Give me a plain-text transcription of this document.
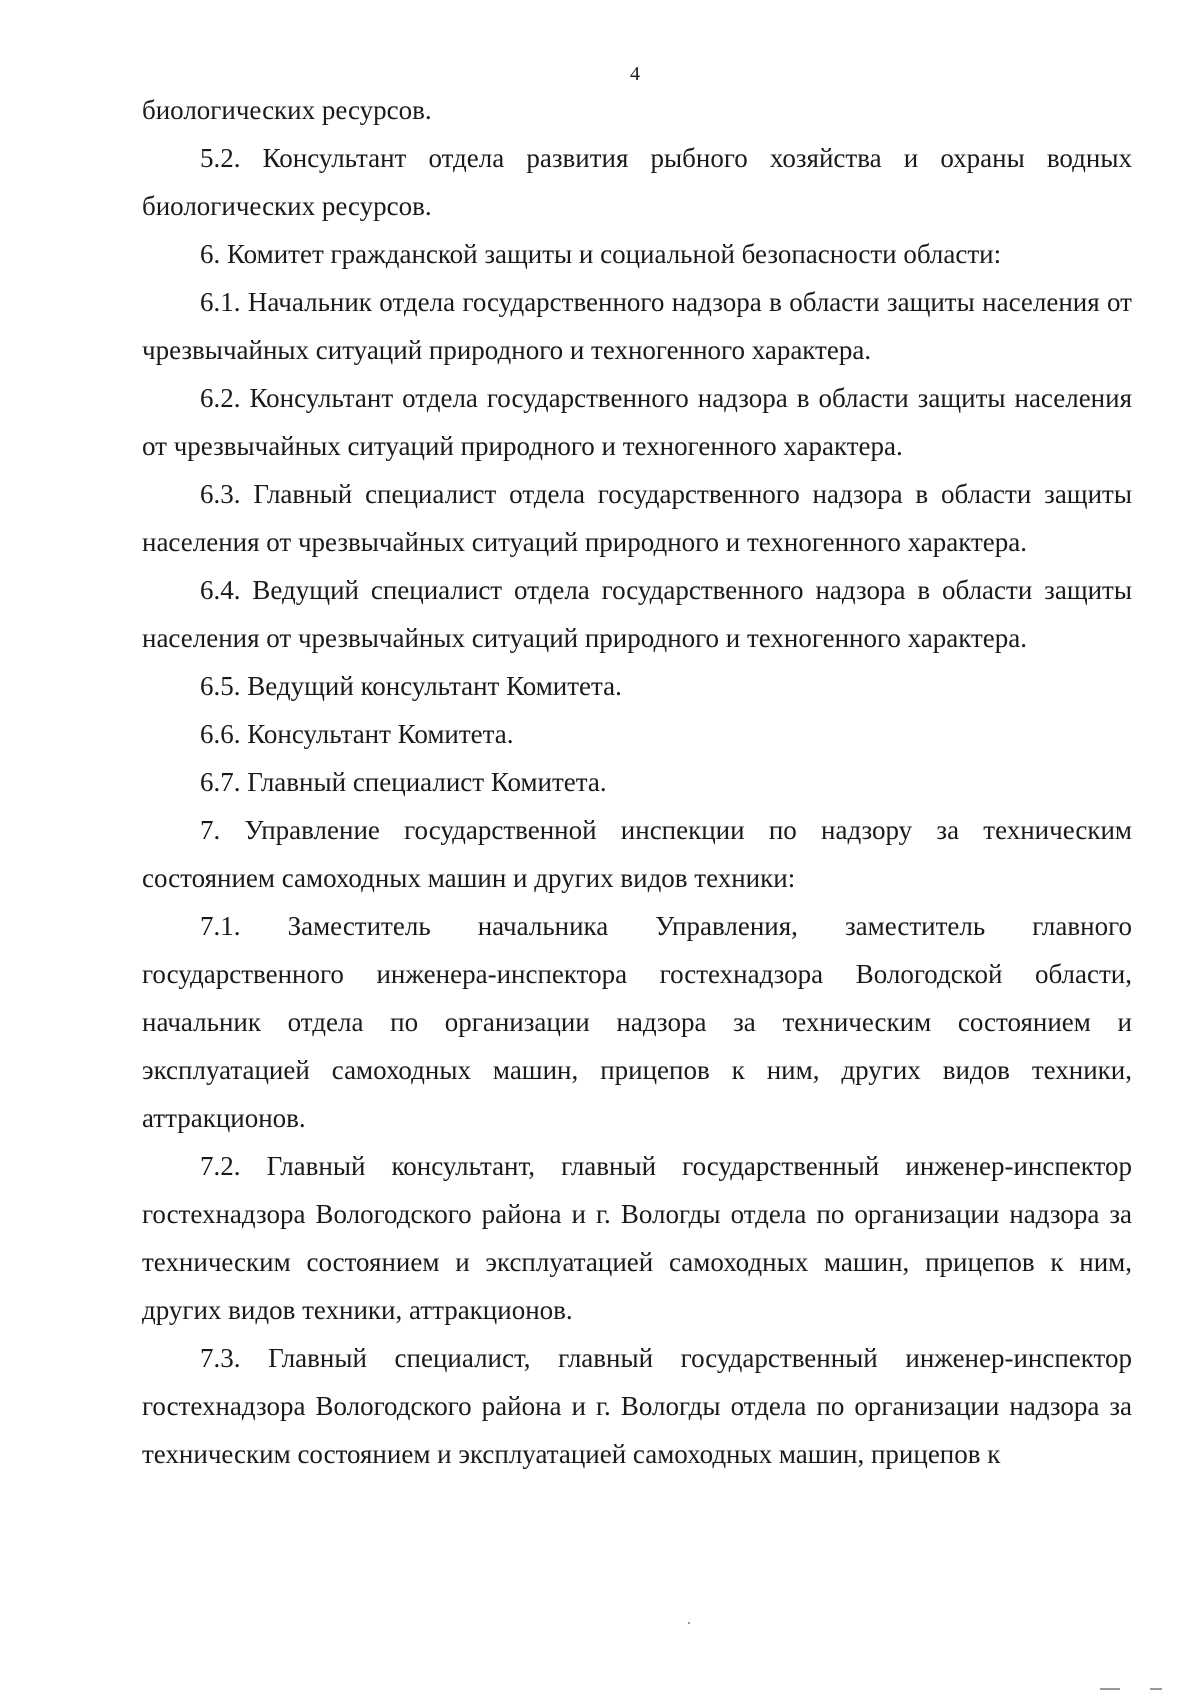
4

биологических ресурсов.

5.2. Консультант отдела развития рыбного хозяйства и охраны водных биологических ресурсов.

6. Комитет гражданской защиты и социальной безопасности области:

6.1. Начальник отдела государственного надзора в области защиты населения от чрезвычайных ситуаций природного и техногенного характера.

6.2. Консультант отдела государственного надзора в области защиты населения от чрезвычайных ситуаций природного и техногенного характера.

6.3. Главный специалист отдела государственного надзора в области защиты населения от чрезвычайных ситуаций природного и техногенного характера.

6.4. Ведущий специалист отдела государственного надзора в области защиты населения от чрезвычайных ситуаций природного и техногенного характера.

6.5. Ведущий консультант Комитета.

6.6. Консультант Комитета.

6.7. Главный специалист Комитета.

7. Управление государственной инспекции по надзору за техническим состоянием самоходных машин и других видов техники:

7.1. Заместитель начальника Управления, заместитель главного государственного инженера-инспектора гостехнадзора Вологодской области, начальник отдела по организации надзора за техническим состоянием и эксплуатацией самоходных машин, прицепов к ним, других видов техники, аттракционов.

7.2. Главный консультант, главный государственный инженер-инспектор гостехнадзора Вологодского района и г. Вологды отдела по организации надзора за техническим состоянием и эксплуатацией самоходных машин, прицепов к ним, других видов техники, аттракционов.

7.3. Главный специалист, главный государственный инженер-инспектор гостехнадзора Вологодского района и г. Вологды отдела по организации надзора за техническим состоянием и эксплуатацией самоходных машин, прицепов к
